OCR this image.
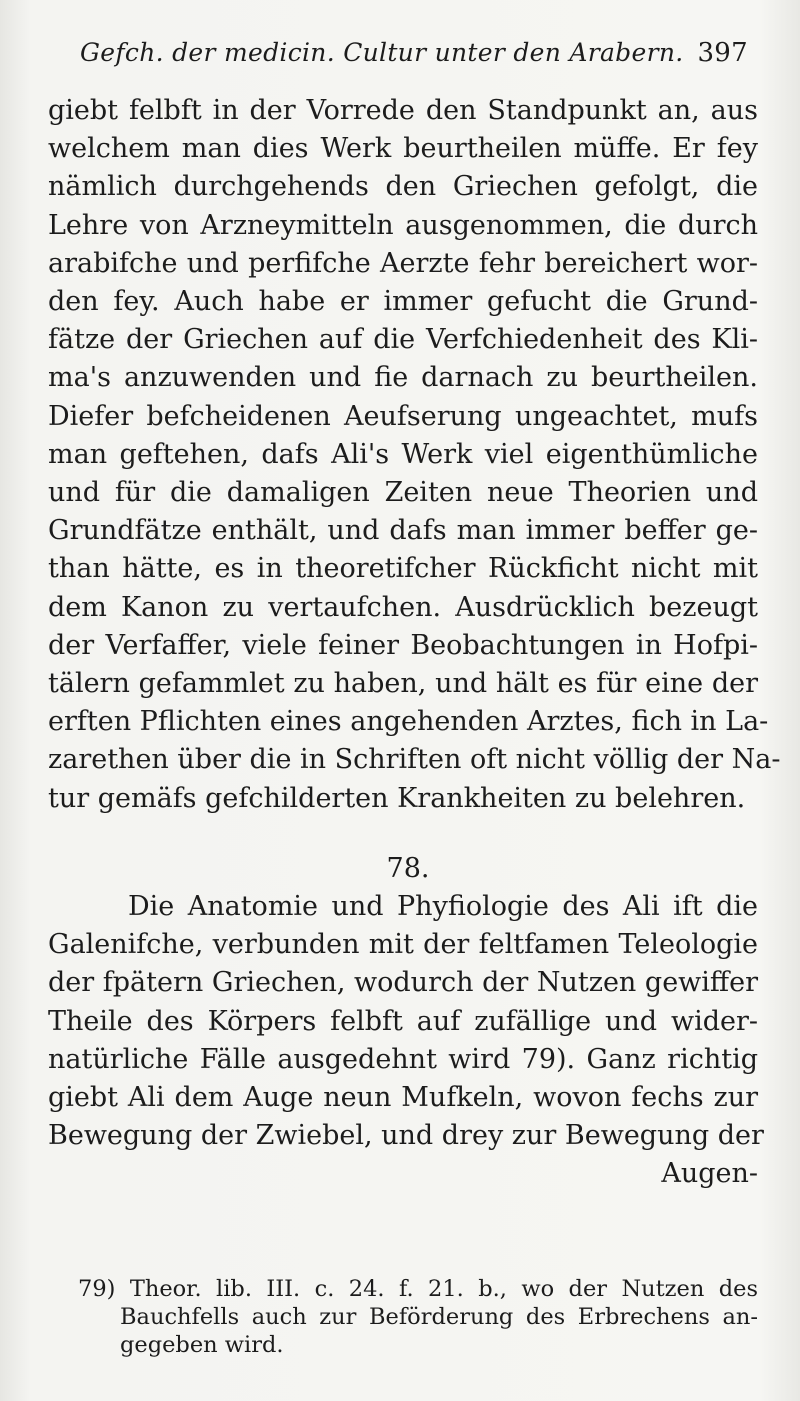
Gefch. der medicin. Cultur unter den Arabern. 397
giebt felbft in der Vorrede den Standpunkt an, aus
welchem man dies Werk beurtheilen müffe. Er fey
nämlich durchgehends den Griechen gefolgt, die
Lehre von Arzneymitteln ausgenommen, die durch
arabifche und perfifche Aerzte fehr bereichert wor-
den fey. Auch habe er immer gefucht die Grund-
fätze der Griechen auf die Verfchiedenheit des Kli-
ma's anzuwenden und fie darnach zu beurtheilen.
Diefer befcheidenen Aeufserung ungeachtet, mufs
man geftehen, dafs Ali's Werk viel eigenthümliche
und für die damaligen Zeiten neue Theorien und
Grundfätze enthält, und dafs man immer beffer ge-
than hätte, es in theoretifcher Rückficht nicht mit
dem Kanon zu vertaufchen. Ausdrücklich bezeugt
der Verfaffer, viele feiner Beobachtungen in Hofpi-
tälern gefammlet zu haben, und hält es für eine der
erften Pflichten eines angehenden Arztes, fich in La-
zarethen über die in Schriften oft nicht völlig der Na-
tur gemäfs gefchilderten Krankheiten zu belehren.
78.
Die Anatomie und Phyfiologie des Ali ift die
Galenifche, verbunden mit der feltfamen Teleologie
der fpätern Griechen, wodurch der Nutzen gewiffer
Theile des Körpers felbft auf zufällige und wider-
natürliche Fälle ausgedehnt wird 79). Ganz richtig
giebt Ali dem Auge neun Mufkeln, wovon fechs zur
Bewegung der Zwiebel, und drey zur Bewegung der
Augen-
79) Theor. lib. III. c. 24. f. 21. b., wo der Nutzen des
Bauchfells auch zur Beförderung des Erbrechens an-
gegeben wird.
